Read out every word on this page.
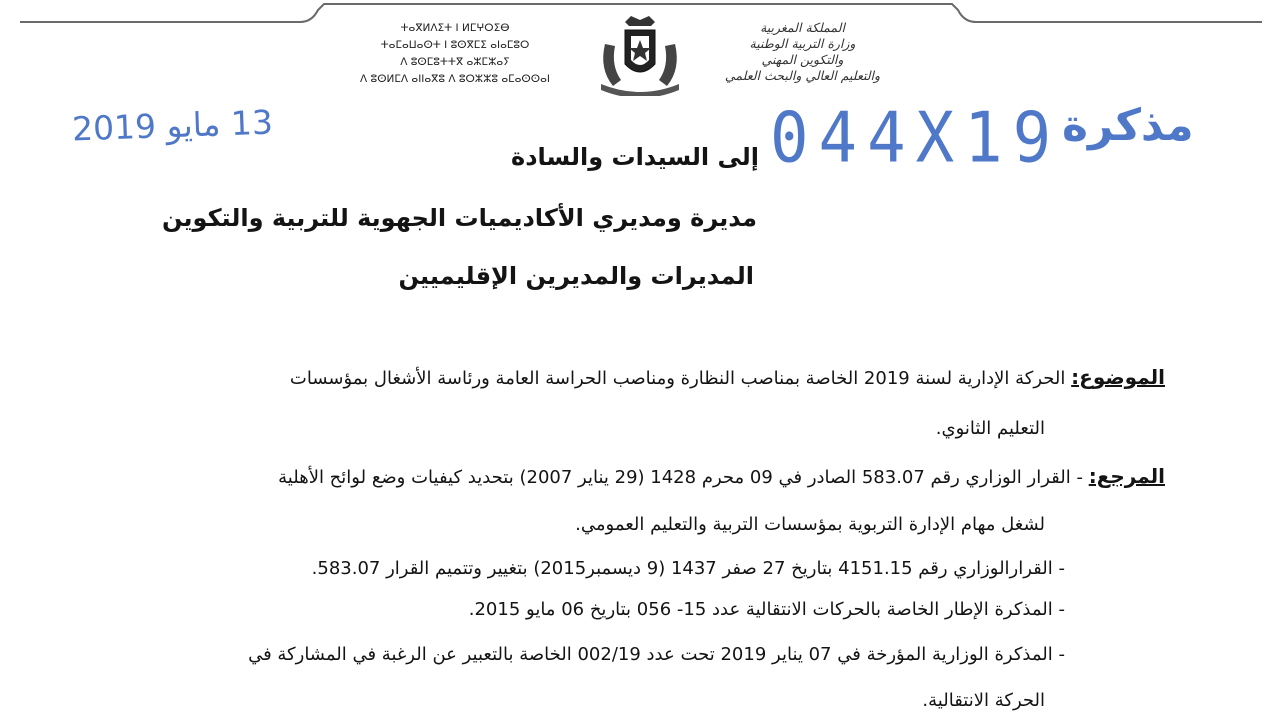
ⵜⴰⴳⵍⴷⵉⵜ ⵏ ⵍⵎⵖⵔⵉⴱ
ⵜⴰⵎⴰⵡⴰⵙⵜ ⵏ ⵓⵙⴳⵎⵉ ⴰⵏⴰⵎⵓⵔ
ⴷ ⵓⵙⵎⵓⵜⵜⴳ ⴰⵣⵎⵣⴰⵢ
ⴷ ⵓⵙⵍⵎⴷ ⴰⵏⵏⴰⴳⵓ ⴷ ⵓⵔⵣⵣⵓ ⴰⵎⴰⵙⵙⴰⵏ
المملكة المغربية
وزارة التربية الوطنية
والتكوين المهني
والتعليم العالي والبحث العلمي
13 مايو 2019	044X19 مذكرة
إلى السيدات والسادة
مديرة ومديري الأكاديميات الجهوية للتربية والتكوين
المديرات والمديرين الإقليميين
الموضوع: الحركة الإدارية لسنة 2019 الخاصة بمناصب النظارة ومناصب الحراسة العامة ورئاسة الأشغال بمؤسسات
التعليم الثانوي.
المرجع: - القرار الوزاري رقم 583.07 الصادر في 09 محرم 1428 (29 يناير 2007) بتحديد كيفيات وضع لوائح الأهلية
لشغل مهام الإدارة التربوية بمؤسسات التربية والتعليم العمومي.
- القرارالوزاري رقم 4151.15 بتاريخ 27 صفر 1437 (9 ديسمبر2015) بتغيير وتتميم القرار 583.07.
- المذكرة الإطار الخاصة بالحركات الانتقالية عدد 15- 056 بتاريخ 06 مايو 2015.
- المذكرة الوزارية المؤرخة في 07 يناير 2019 تحت عدد 002/19 الخاصة بالتعبير عن الرغبة في المشاركة في
الحركة الانتقالية.
